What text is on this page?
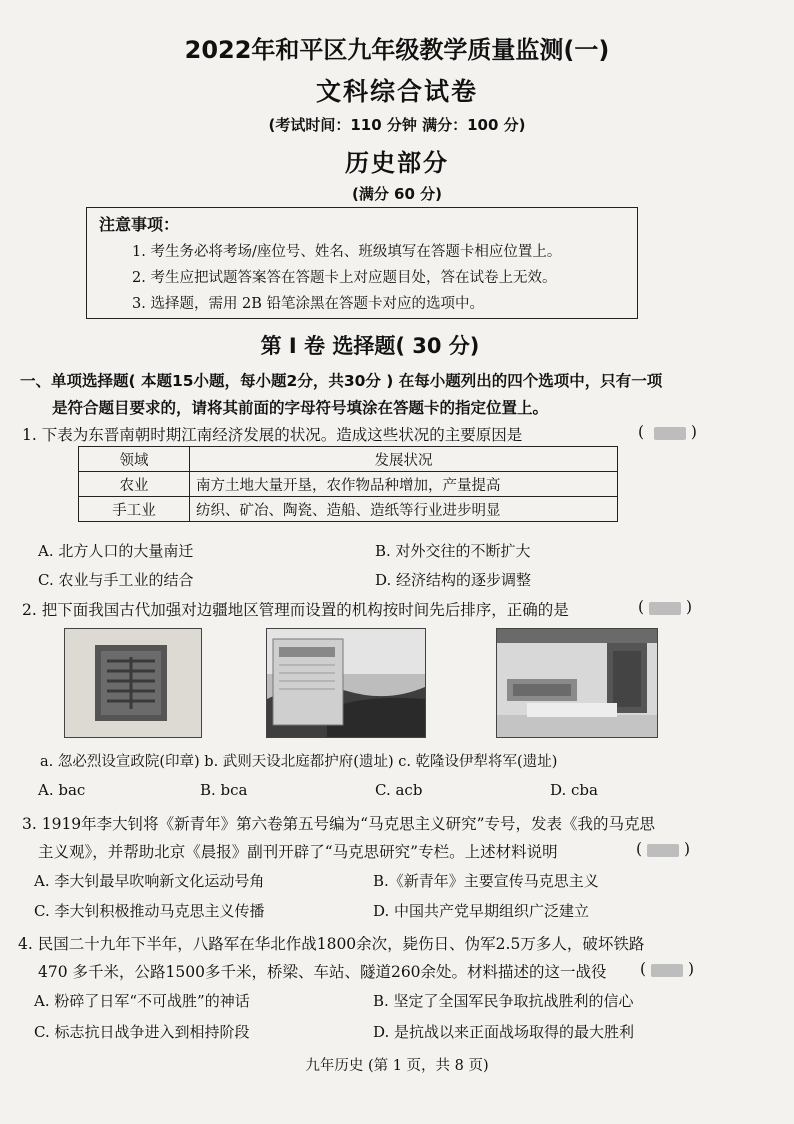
2022年和平区九年级教学质量监测(一)
文科综合试卷
(考试时间：110 分钟 满分：100 分)
历史部分
(满分 60 分)
注意事项：
1. 考生务必将考场/座位号、姓名、班级填写在答题卡相应位置上。
2. 考生应把试题答案答在答题卡上对应题目处，答在试卷上无效。
3. 选择题，需用 2B 铅笔涂黑在答题卡对应的选项中。
第 Ⅰ 卷 选择题( 30 分)
一、单项选择题( 本题15小题，每小题2分，共30分 ) 在每小题列出的四个选项中，只有一项
是符合题目要求的，请将其前面的字母符号填涂在答题卡的指定位置上。
1. 下表为东晋南朝时期江南经济发展的状况。造成这些状况的主要原因是	(	)
领域	发展状况
农业	南方土地大量开垦，农作物品种增加，产量提高
手工业	纺织、矿冶、陶瓷、造船、造纸等行业进步明显
A. 北方人口的大量南迁	B. 对外交往的不断扩大
C. 农业与手工业的结合	D. 经济结构的逐步调整
2. 把下面我国古代加强对边疆地区管理而设置的机构按时间先后排序，正确的是	(	)
a. 忽必烈设宣政院(印章) b. 武则天设北庭都护府(遗址) c. 乾隆设伊犁将军(遗址)
A. bac	B. bca	C. acb	D. cba
3. 1919年李大钊将《新青年》第六卷第五号编为“马克思主义研究”专号，发表《我的马克思
主义观》，并帮助北京《晨报》副刊开辟了“马克思研究”专栏。上述材料说明	(	)
A. 李大钊最早吹响新文化运动号角	B.《新青年》主要宣传马克思主义
C. 李大钊积极推动马克思主义传播	D. 中国共产党早期组织广泛建立
4. 民国二十九年下半年，八路军在华北作战1800余次，毙伤日、伪军2.5万多人，破坏铁路
470 多千米，公路1500多千米，桥梁、车站、隧道260余处。材料描述的这一战役 (	)
A. 粉碎了日军“不可战胜”的神话	B. 坚定了全国军民争取抗战胜利的信心
C. 标志抗日战争进入到相持阶段	D. 是抗战以来正面战场取得的最大胜利
九年历史 (第 1 页，共 8 页)
